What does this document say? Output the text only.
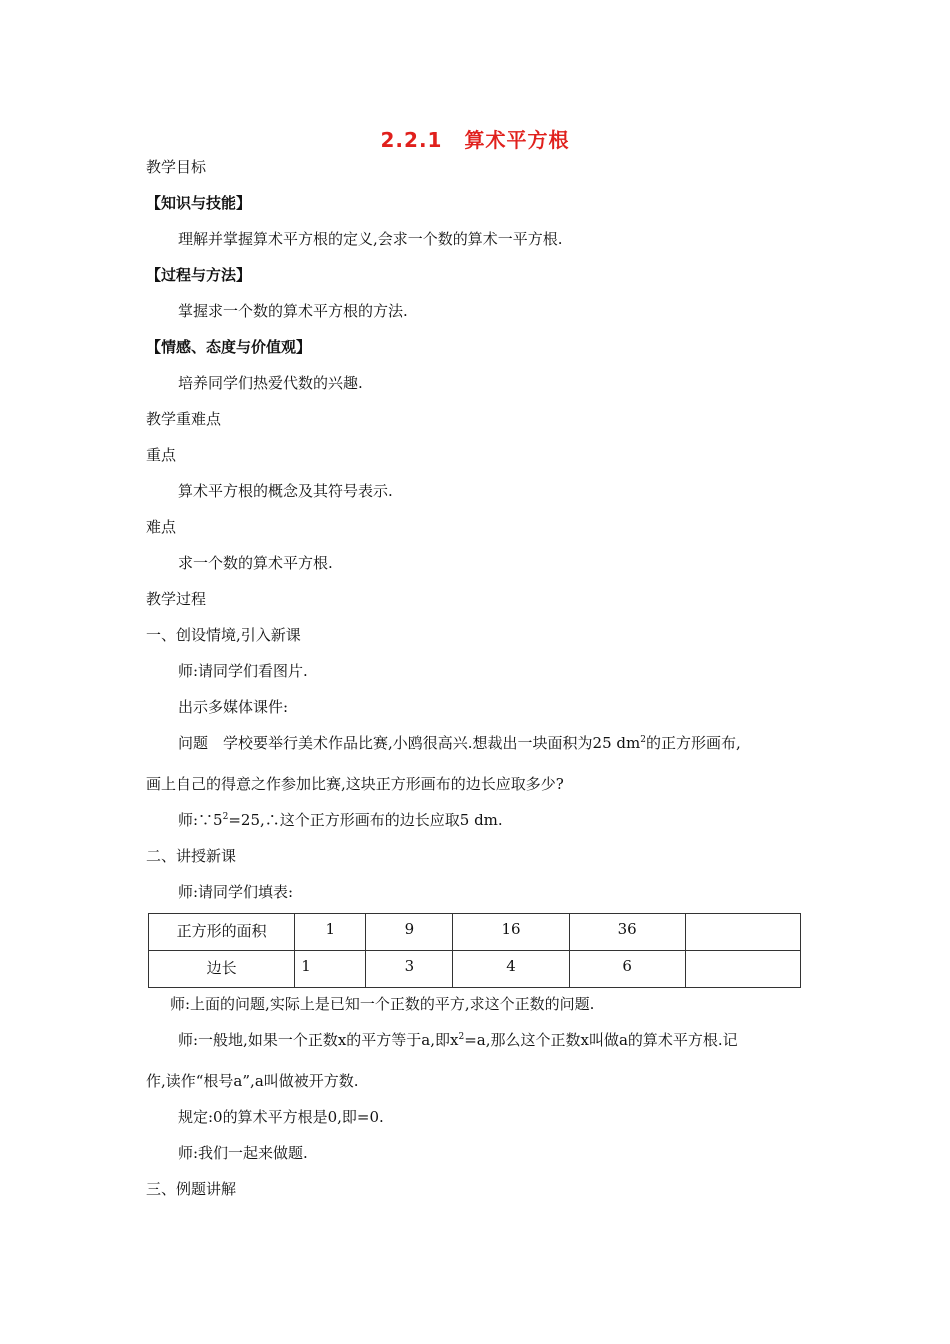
2.2.1 算术平方根
教学目标
【知识与技能】
理解并掌握算术平方根的定义,会求一个数的算术一平方根.
【过程与方法】
掌握求一个数的算术平方根的方法.
【情感、态度与价值观】
培养同学们热爱代数的兴趣.
教学重难点
重点
算术平方根的概念及其符号表示.
难点
求一个数的算术平方根.
教学过程
一、创设情境,引入新课
师:请同学们看图片.
出示多媒体课件:
问题　学校要举行美术作品比赛,小鸥很高兴.想裁出一块面积为25 $dm^2$的正方形画布,
画上自己的得意之作参加比赛,这块正方形画布的边长应取多少?
师$:\because 5^2=25,\therefore$这个正方形画布的边长应取5 dm.
二、讲授新课
师:请同学们填表:
正方形的面积	1	9	16	36	
边长	1	3	4	6	
师:上面的问题,实际上是已知一个正数的平方,求这个正数的问题.
师:一般地,如果一个正数x的平方等于a,即$x^2=a$,那么这个正数x叫做a的算术平方根.记
作,读作“根号a”,a叫做被开方数.
规定:0的算术平方根是0,即=0.
师:我们一起来做题.
三、例题讲解
